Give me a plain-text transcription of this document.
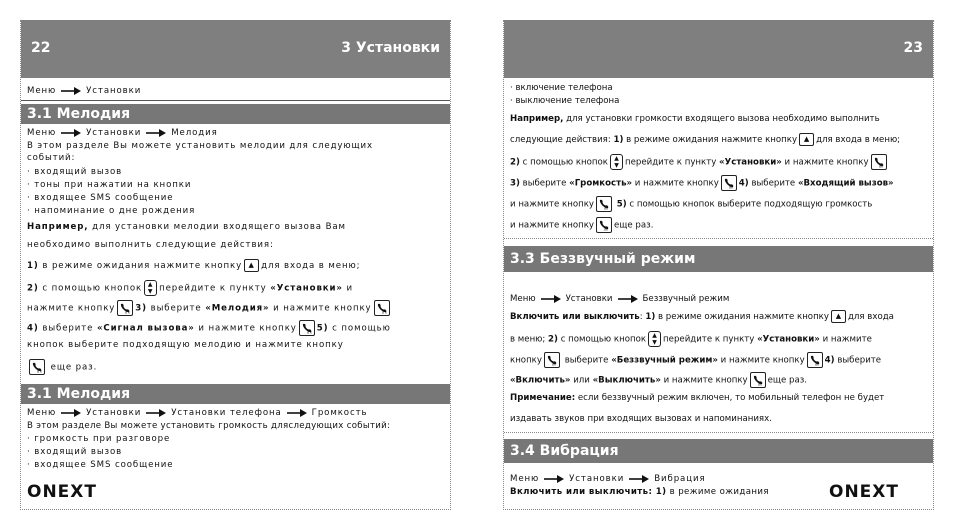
22	3 Установки
Меню	Установки
3.1 Мелодия
Меню	Установки	Мелодия
В этом разделе Вы можете установить мелодии для следующих
событий:
· входящий вызов
· тоны при нажатии на кнопки
· входящее SMS сообщение
· напоминание о дне рождения
Например, для установки мелодии входящего вызова Вам
необходимо выполнить следующие действия:
1) в режиме ожидания нажмите кнопку ▲ для входа в меню;
2) с помощью кнопок ▲
▼ перейдите к пункту «Установки» и
нажмите кнопку 3) выберите «Мелодия» и нажмите кнопку
4) выберите «Сигнал вызова» и нажмите кнопку 5) с помощью
кнопок выберите подходящую мелодию и нажмите кнопку
еще раз.
3.1 Мелодия
Меню	Установки	Установки телефона	Громкость
В этом разделе Вы можете установить громкость дляследующих событий:
· громкость при разговоре
· входящий вызов
· входящее SMS сообщение
ONEXT
23
· включение телефона
· выключение телефона
Например, для установки громкости входящего вызова необходимо выполнить
следующие действия: 1) в режиме ожидания нажмите кнопку ▲ для входа в меню;
2) с помощью кнопок ▲
▼ перейдите к пункту «Установки» и нажмите кнопку
3) выберите «Громкость» и нажмите кнопку 4) выберите «Входящий вызов»
и нажмите кнопку	5) с помощью кнопок выберите подходящую громкость
и нажмите кнопку еще раз.
3.3 Беззвучный режим
Меню	Установки	Беззвучный режим
Включить или выключить: 1) в режиме ожидания нажмите кнопку ▲ для входа
в меню; 2) с помощью кнопок ▲
▼ перейдите к пункту «Установки» и нажмите
кнопку	выберите «Беззвучный режим» и нажмите кнопку 4) выберите
«Включить» или «Выключить» и нажмите кнопку еще раз.
Примечание: если беззвучный режим включен, то мобильный телефон не будет
издавать звуков при входящих вызовах и напоминаниях.
3.4 Вибрация
Меню	Установки	Вибрация
Включить или выключить: 1) в режиме ожидания	ONEXT
